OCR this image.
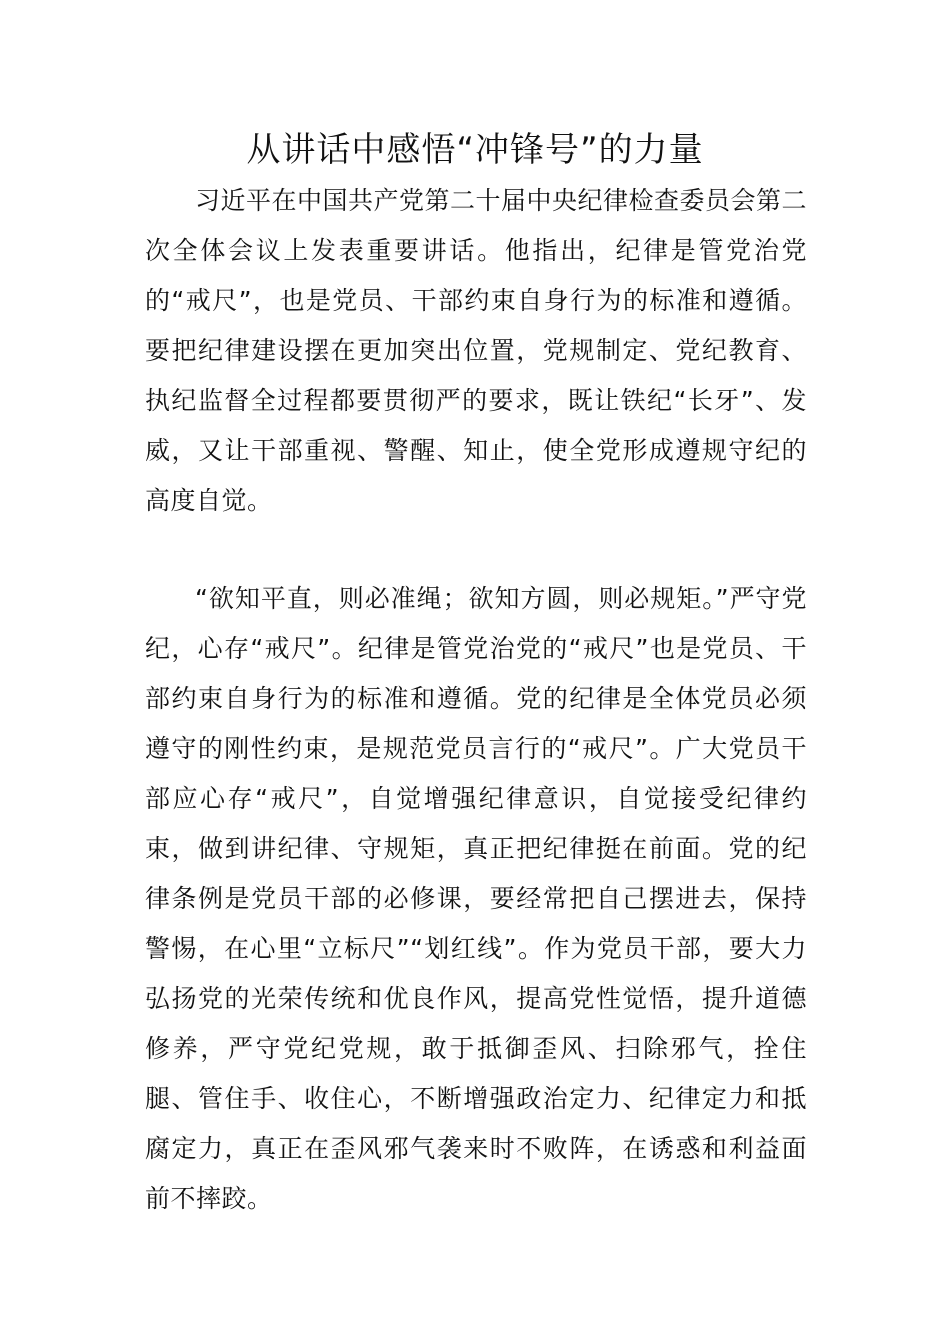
从讲话中感悟“冲锋号”的力量

习近平在中国共产党第二十届中央纪律检查委员会第二次全体会议上发表重要讲话。他指出，纪律是管党治党的“戒尺”，也是党员、干部约束自身行为的标准和遵循。要把纪律建设摆在更加突出位置，党规制定、党纪教育、执纪监督全过程都要贯彻严的要求，既让铁纪“长牙”、发威，又让干部重视、警醒、知止，使全党形成遵规守纪的高度自觉。

“欲知平直，则必准绳；欲知方圆，则必规矩。”严守党纪，心存“戒尺”。纪律是管党治党的“戒尺”也是党员、干部约束自身行为的标准和遵循。党的纪律是全体党员必须遵守的刚性约束，是规范党员言行的“戒尺”。广大党员干部应心存“戒尺”，自觉增强纪律意识，自觉接受纪律约束，做到讲纪律、守规矩，真正把纪律挺在前面。党的纪律条例是党员干部的必修课，要经常把自己摆进去，保持警惕，在心里“立标尺”“划红线”。作为党员干部，要大力弘扬党的光荣传统和优良作风，提高党性觉悟，提升道德修养，严守党纪党规，敢于抵御歪风、扫除邪气，拴住腿、管住手、收住心，不断增强政治定力、纪律定力和抵腐定力，真正在歪风邪气袭来时不败阵，在诱惑和利益面前不摔跤。
